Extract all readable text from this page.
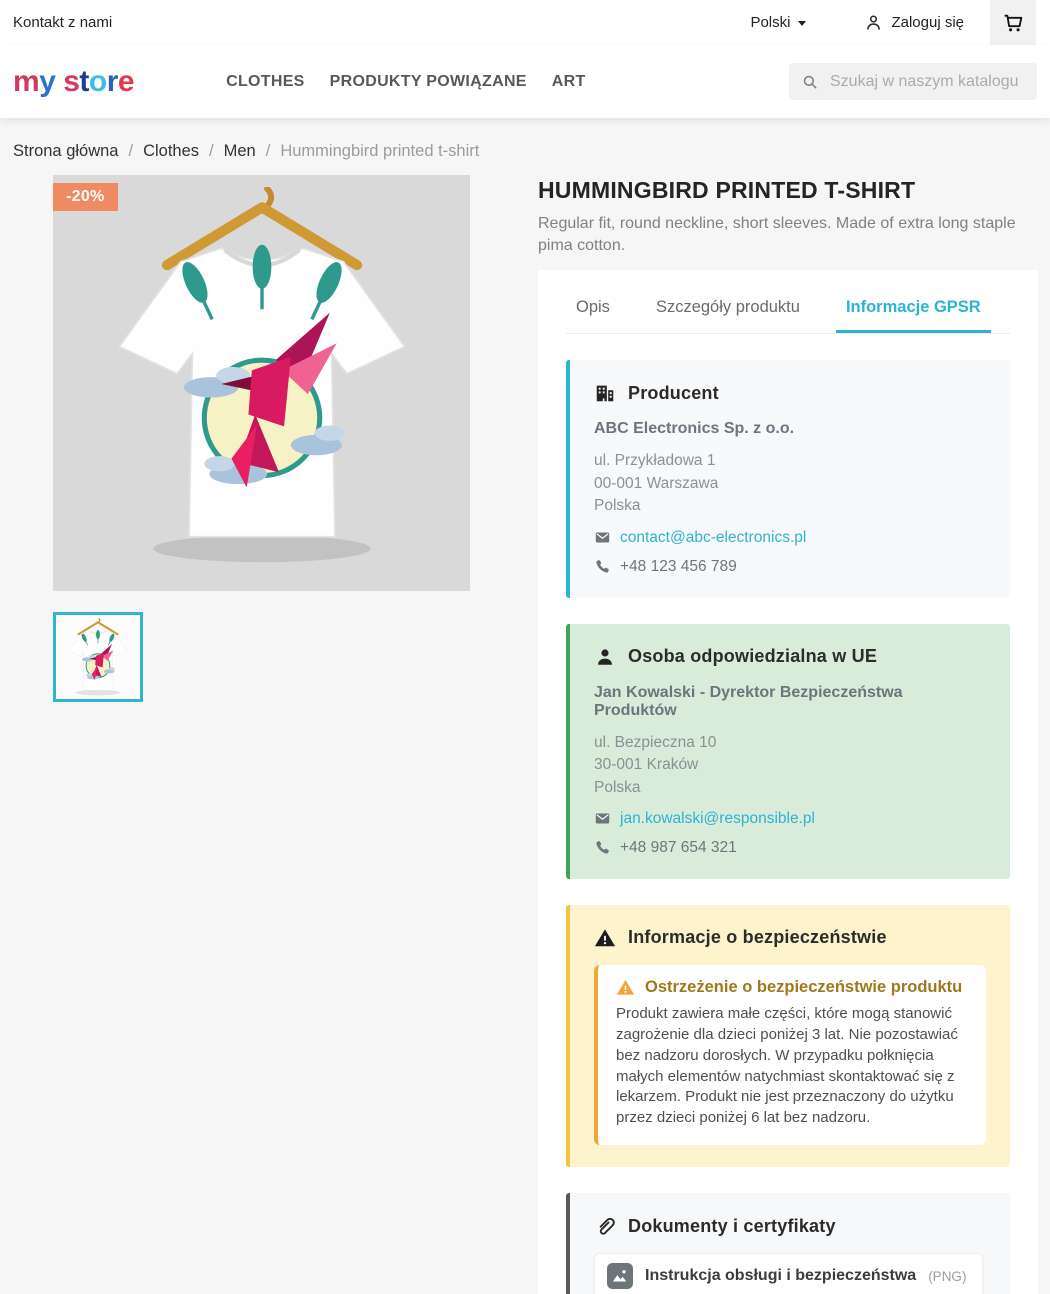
Kontakt z nami	Polski	Zaloguj się
my store	CLOTHES PRODUKTY POWIĄZANE ART
Szukaj w naszym katalogu
Strona główna / Clothes / Men / Hummingbird printed t-shirt
-20%	HUMMINGBIRD PRINTED T-SHIRT

Regular fit, round neckline, short sleeves. Made of extra long staple pima cotton.

Opis	Szczegóły produktu	Informacje GPSR
Producent
ABC Electronics Sp. z o.o.
ul. Przykładowa 1
00-001 Warszawa
Polska
contact@abc-electronics.pl
+48 123 456 789
Osoba odpowiedzialna w UE
Jan Kowalski - Dyrektor Bezpieczeństwa Produktów
ul. Bezpieczna 10
30-001 Kraków
Polska
jan.kowalski@responsible.pl
+48 987 654 321
Informacje o bezpieczeństwie
Ostrzeżenie o bezpieczeństwie produktu
Produkt zawiera małe części, które mogą stanowić zagrożenie dla dzieci poniżej 3 lat. Nie pozostawiać bez nadzoru dorosłych. W przypadku połknięcia małych elementów natychmiast skontaktować się z lekarzem. Produkt nie jest przeznaczony do użytku przez dzieci poniżej 6 lat bez nadzoru.
Dokumenty i certyfikaty
Instrukcja obsługi i bezpieczeństwa (PNG)
